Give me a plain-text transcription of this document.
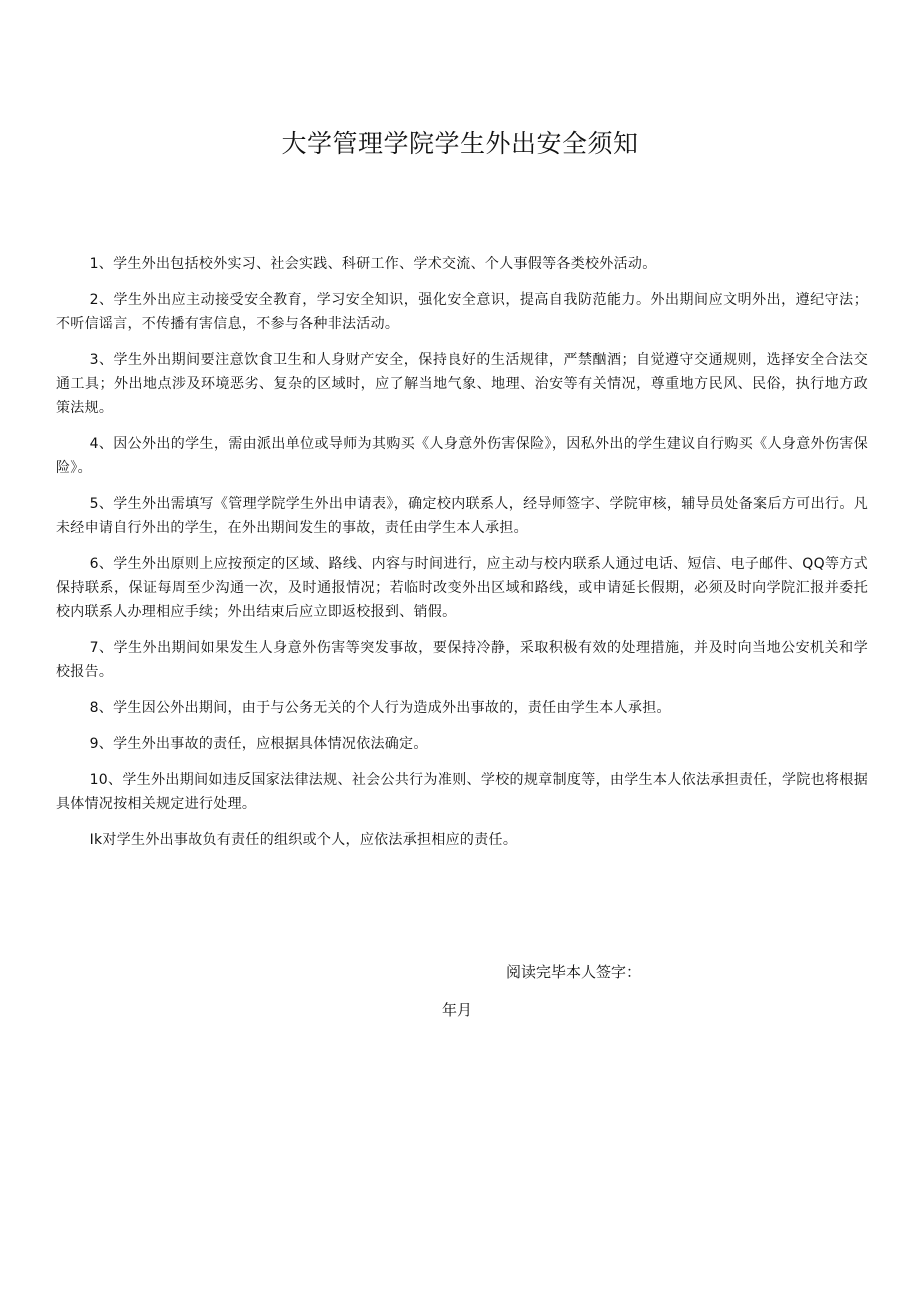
大学管理学院学生外出安全须知

1、学生外出包括校外实习、社会实践、科研工作、学术交流、个人事假等各类校外活动。

2、学生外出应主动接受安全教育，学习安全知识，强化安全意识，提高自我防范能力。外出期间应文明外出，遵纪守法；不听信谣言，不传播有害信息，不参与各种非法活动。

3、学生外出期间要注意饮食卫生和人身财产安全，保持良好的生活规律，严禁酗酒；自觉遵守交通规则，选择安全合法交通工具；外出地点涉及环境恶劣、复杂的区域时，应了解当地气象、地理、治安等有关情况，尊重地方民风、民俗，执行地方政策法规。

4、因公外出的学生，需由派出单位或导师为其购买《人身意外伤害保险》，因私外出的学生建议自行购买《人身意外伤害保险》。

5、学生外出需填写《管理学院学生外出申请表》，确定校内联系人，经导师签字、学院审核，辅导员处备案后方可出行。凡未经申请自行外出的学生，在外出期间发生的事故，责任由学生本人承担。

6、学生外出原则上应按预定的区域、路线、内容与时间进行，应主动与校内联系人通过电话、短信、电子邮件、QQ等方式保持联系，保证每周至少沟通一次，及时通报情况；若临时改变外出区域和路线，或申请延长假期，必须及时向学院汇报并委托校内联系人办理相应手续；外出结束后应立即返校报到、销假。

7、学生外出期间如果发生人身意外伤害等突发事故，要保持冷静，采取积极有效的处理措施，并及时向当地公安机关和学校报告。

8、学生因公外出期间，由于与公务无关的个人行为造成外出事故的，责任由学生本人承担。

9、学生外出事故的责任，应根据具体情况依法确定。

10、学生外出期间如违反国家法律法规、社会公共行为准则、学校的规章制度等，由学生本人依法承担责任，学院也将根据具体情况按相关规定进行处理。

Ik对学生外出事故负有责任的组织或个人，应依法承担相应的责任。

阅读完毕本人签字：

年月
